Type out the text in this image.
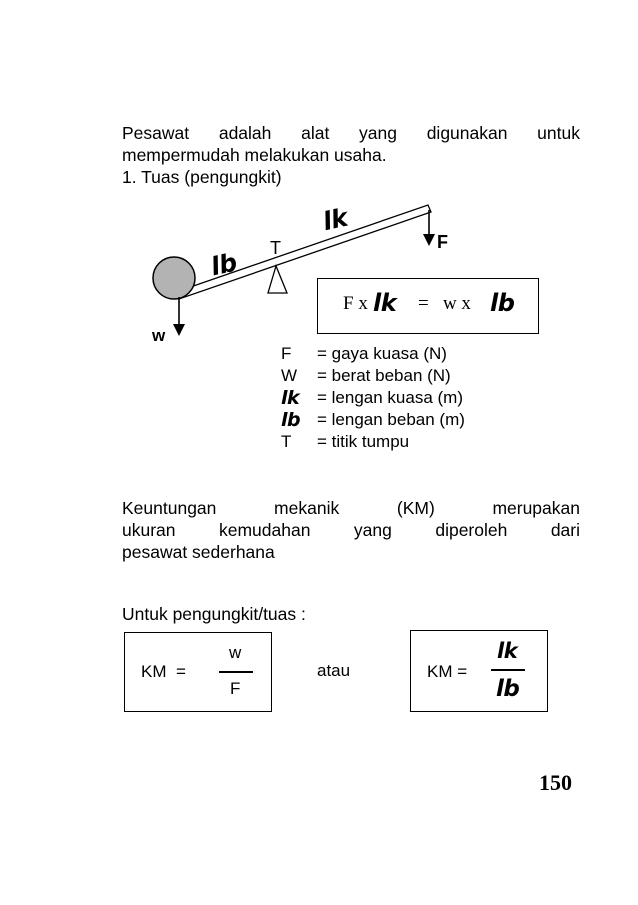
Pesawat adalah alat yang digunakan untuk
mempermudah melakukan usaha.
1. Tuas (pengungkit)
lk
lb T	F
w
F x lk =   w x lb
F	= gaya kuasa (N)
W	= berat beban (N)
lk	= lengan kuasa (m)
lb = lengan beban (m)
T	= titik tumpu
Keuntungan mekanik (KM) merupakan
ukuran kemudahan yang diperoleh dari
pesawat sederhana
Untuk pengungkit/tuas :
KM  =
w
F
atau	KM =
lk
lb
150
